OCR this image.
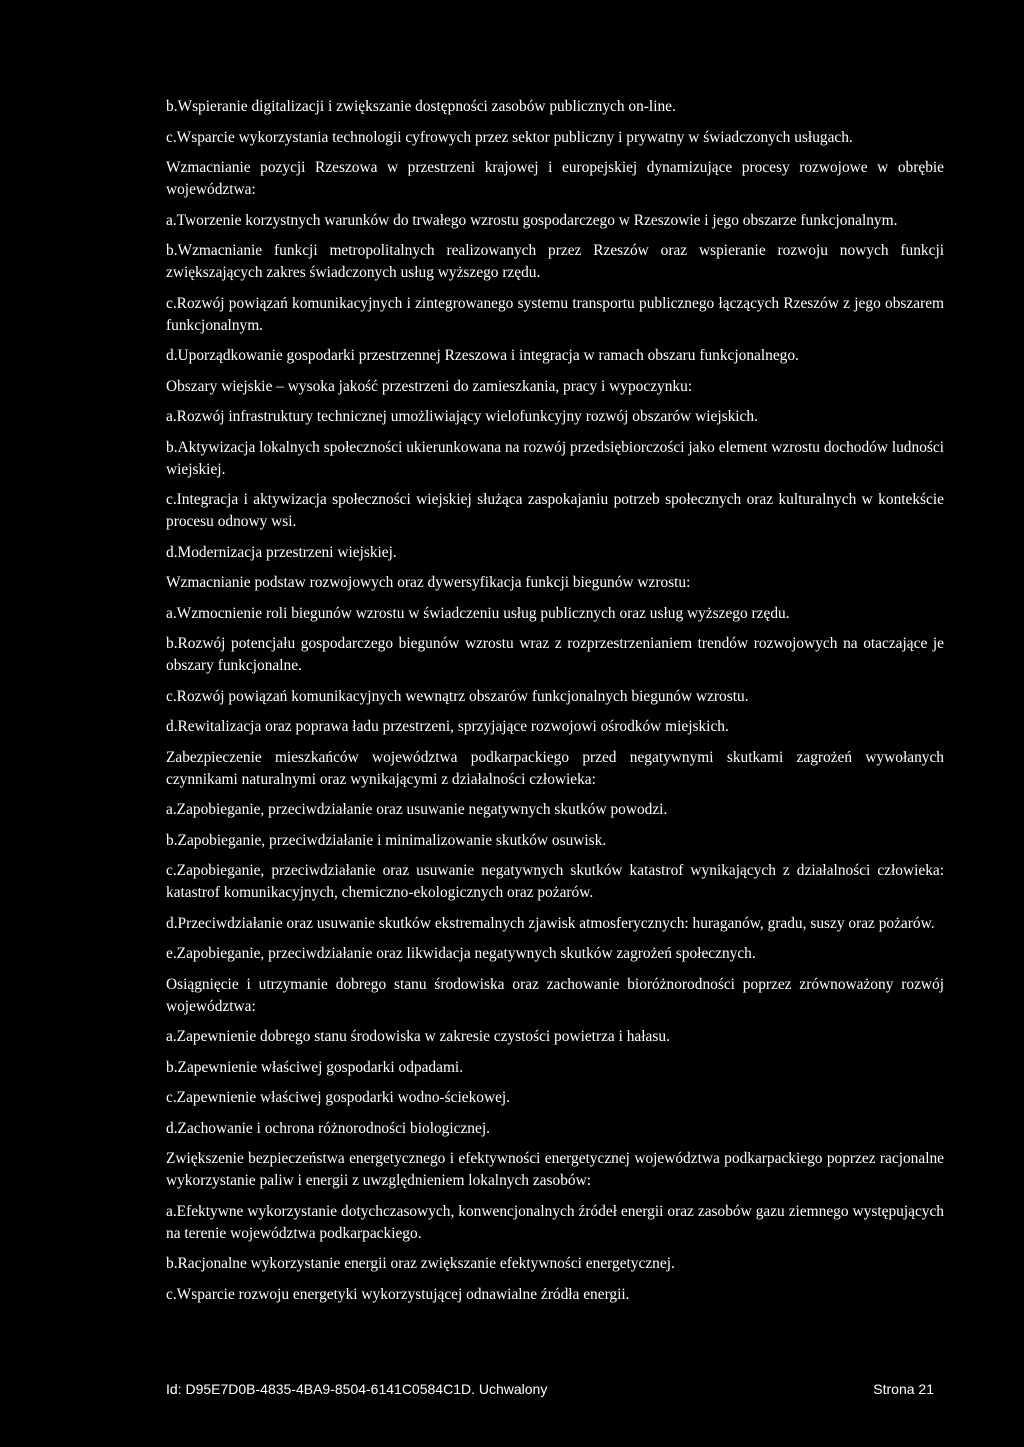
b.Wspieranie digitalizacji i zwiększanie dostępności zasobów publicznych on-line.

c.Wsparcie wykorzystania technologii cyfrowych przez sektor publiczny i prywatny w świadczonych usługach.

Wzmacnianie pozycji Rzeszowa w przestrzeni krajowej i europejskiej dynamizujące procesy rozwojowe w obrębie województwa:

a.Tworzenie korzystnych warunków do trwałego wzrostu gospodarczego w Rzeszowie i jego obszarze funkcjonalnym.

b.Wzmacnianie funkcji metropolitalnych realizowanych przez Rzeszów oraz wspieranie rozwoju nowych funkcji zwiększających zakres świadczonych usług wyższego rzędu.

c.Rozwój powiązań komunikacyjnych i zintegrowanego systemu transportu publicznego łączących Rzeszów z jego obszarem funkcjonalnym.

d.Uporządkowanie gospodarki przestrzennej Rzeszowa i integracja w ramach obszaru funkcjonalnego.

Obszary wiejskie – wysoka jakość przestrzeni do zamieszkania, pracy i wypoczynku:

a.Rozwój infrastruktury technicznej umożliwiający wielofunkcyjny rozwój obszarów wiejskich.

b.Aktywizacja lokalnych społeczności ukierunkowana na rozwój przedsiębiorczości jako element wzrostu dochodów ludności wiejskiej.

c.Integracja i aktywizacja społeczności wiejskiej służąca zaspokajaniu potrzeb społecznych oraz kulturalnych w kontekście procesu odnowy wsi.

d.Modernizacja przestrzeni wiejskiej.

Wzmacnianie podstaw rozwojowych oraz dywersyfikacja funkcji biegunów wzrostu:

a.Wzmocnienie roli biegunów wzrostu w świadczeniu usług publicznych oraz usług wyższego rzędu.

b.Rozwój potencjału gospodarczego biegunów wzrostu wraz z rozprzestrzenianiem trendów rozwojowych na otaczające je obszary funkcjonalne.

c.Rozwój powiązań komunikacyjnych wewnątrz obszarów funkcjonalnych biegunów wzrostu.

d.Rewitalizacja oraz poprawa ładu przestrzeni, sprzyjające rozwojowi ośrodków miejskich.

Zabezpieczenie mieszkańców województwa podkarpackiego przed negatywnymi skutkami zagrożeń wywołanych czynnikami naturalnymi oraz wynikającymi z działalności człowieka:

a.Zapobieganie, przeciwdziałanie oraz usuwanie negatywnych skutków powodzi.

b.Zapobieganie, przeciwdziałanie i minimalizowanie skutków osuwisk.

c.Zapobieganie, przeciwdziałanie oraz usuwanie negatywnych skutków katastrof wynikających z działalności człowieka: katastrof komunikacyjnych, chemiczno-ekologicznych oraz pożarów.

d.Przeciwdziałanie oraz usuwanie skutków ekstremalnych zjawisk atmosferycznych: huraganów, gradu, suszy oraz pożarów.

e.Zapobieganie, przeciwdziałanie oraz likwidacja negatywnych skutków zagrożeń społecznych.

Osiągnięcie i utrzymanie dobrego stanu środowiska oraz zachowanie bioróżnorodności poprzez zrównoważony rozwój województwa:

a.Zapewnienie dobrego stanu środowiska w zakresie czystości powietrza i hałasu.

b.Zapewnienie właściwej gospodarki odpadami.

c.Zapewnienie właściwej gospodarki wodno-ściekowej.

d.Zachowanie i ochrona różnorodności biologicznej.

Zwiększenie bezpieczeństwa energetycznego i efektywności energetycznej województwa podkarpackiego poprzez racjonalne wykorzystanie paliw i energii z uwzględnieniem lokalnych zasobów:

a.Efektywne wykorzystanie dotychczasowych, konwencjonalnych źródeł energii oraz zasobów gazu ziemnego występujących na terenie województwa podkarpackiego.

b.Racjonalne wykorzystanie energii oraz zwiększanie efektywności energetycznej.

c.Wsparcie rozwoju energetyki wykorzystującej odnawialne źródła energii.

Id: D95E7D0B-4835-4BA9-8504-6141C0584C1D. Uchwalony	Strona 21
